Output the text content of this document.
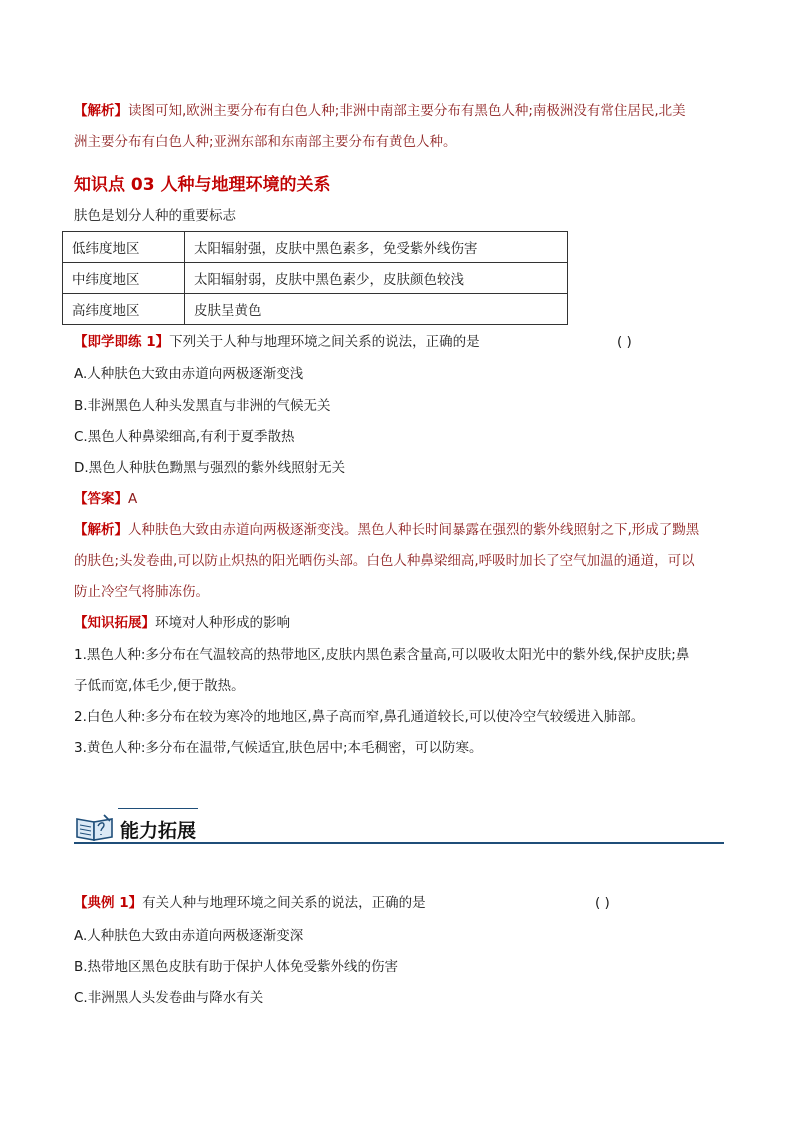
【解析】读图可知,欧洲主要分布有白色人种;非洲中南部主要分布有黑色人种;南极洲没有常住居民,北美
洲主要分布有白色人种;亚洲东部和东南部主要分布有黄色人种。
知识点 03 人种与地理环境的关系
肤色是划分人种的重要标志
低纬度地区	太阳辐射强，皮肤中黑色素多，免受紫外线伤害
中纬度地区	太阳辐射弱，皮肤中黑色素少，皮肤颜色较浅
高纬度地区	皮肤呈黄色
【即学即练 1】下列关于人种与地理环境之间关系的说法，正确的是	( )
A.人种肤色大致由赤道向两极逐渐变浅
B.非洲黑色人种头发黑直与非洲的气候无关
C.黑色人种鼻梁细高,有利于夏季散热
D.黑色人种肤色黝黑与强烈的紫外线照射无关
【答案】A
【解析】人种肤色大致由赤道向两极逐渐变浅。黑色人种长时间暴露在强烈的紫外线照射之下,形成了黝黑
的肤色;头发卷曲,可以防止炽热的阳光晒伤头部。白色人种鼻梁细高,呼吸时加长了空气加温的通道，可以
防止冷空气将肺冻伤。
【知识拓展】环境对人种形成的影响
1.黑色人种:多分布在气温较高的热带地区,皮肤内黑色素含量高,可以吸收太阳光中的紫外线,保护皮肤;鼻
子低而宽,体毛少,便于散热。
2.白色人种:多分布在较为寒冷的地地区,鼻子高而窄,鼻孔通道较长,可以使冷空气较缓进入肺部。
3.黄色人种:多分布在温带,气候适宜,肤色居中;本毛稠密，可以防寒。
能力拓展
【典例 1】有关人种与地理环境之间关系的说法，正确的是	( )
A.人种肤色大致由赤道向两极逐渐变深
B.热带地区黑色皮肤有助于保护人体免受紫外线的伤害
C.非洲黑人头发卷曲与降水有关
